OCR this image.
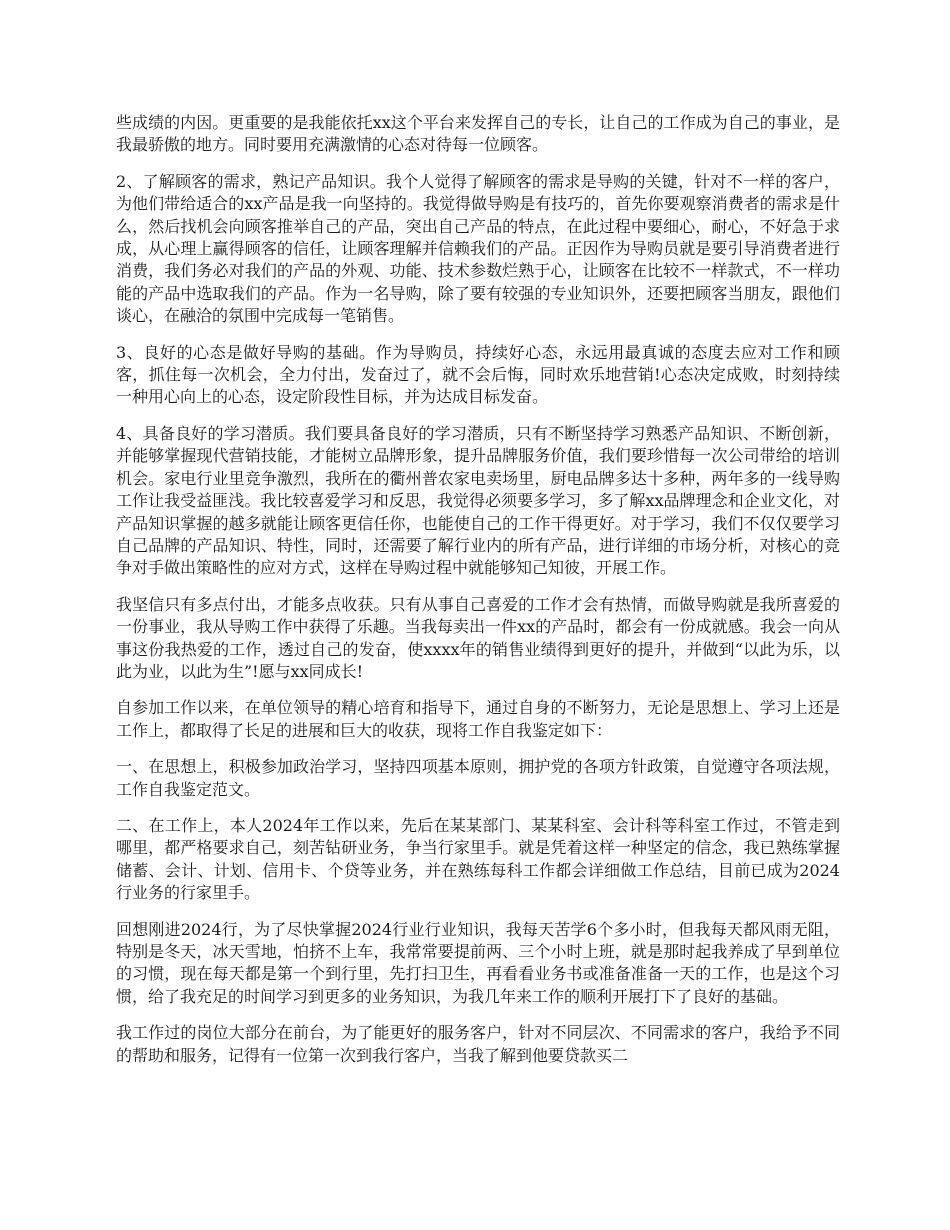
些成绩的内因。更重要的是我能依托xx这个平台来发挥自己的专长，让自己的工作成为自己的事业，是我最骄傲的地方。同时要用充满激情的心态对待每一位顾客。

2、了解顾客的需求，熟记产品知识。我个人觉得了解顾客的需求是导购的关键，针对不一样的客户，为他们带给适合的xx产品是我一向坚持的。我觉得做导购是有技巧的，首先你要观察消费者的需求是什么，然后找机会向顾客推举自己的产品，突出自己产品的特点，在此过程中要细心，耐心，不好急于求成，从心理上赢得顾客的信任，让顾客理解并信赖我们的产品。正因作为导购员就是要引导消费者进行消费，我们务必对我们的产品的外观、功能、技术参数烂熟于心，让顾客在比较不一样款式，不一样功能的产品中选取我们的产品。作为一名导购，除了要有较强的专业知识外，还要把顾客当朋友，跟他们谈心，在融洽的氛围中完成每一笔销售。

3、良好的心态是做好导购的基础。作为导购员，持续好心态，永远用最真诚的态度去应对工作和顾客，抓住每一次机会，全力付出，发奋过了，就不会后悔，同时欢乐地营销!心态决定成败，时刻持续一种用心向上的心态，设定阶段性目标，并为达成目标发奋。

4、具备良好的学习潜质。我们要具备良好的学习潜质，只有不断坚持学习熟悉产品知识、不断创新，并能够掌握现代营销技能，才能树立品牌形象，提升品牌服务价值，我们要珍惜每一次公司带给的培训机会。家电行业里竞争激烈，我所在的衢州普农家电卖场里，厨电品牌多达十多种，两年多的一线导购工作让我受益匪浅。我比较喜爱学习和反思，我觉得必须要多学习，多了解xx品牌理念和企业文化，对产品知识掌握的越多就能让顾客更信任你，也能使自己的工作干得更好。对于学习，我们不仅仅要学习自己品牌的产品知识、特性，同时，还需要了解行业内的所有产品，进行详细的市场分析，对核心的竞争对手做出策略性的应对方式，这样在导购过程中就能够知己知彼，开展工作。

我坚信只有多点付出，才能多点收获。只有从事自己喜爱的工作才会有热情，而做导购就是我所喜爱的一份事业，我从导购工作中获得了乐趣。当我每卖出一件xx的产品时，都会有一份成就感。我会一向从事这份我热爱的工作，透过自己的发奋，使xxxx年的销售业绩得到更好的提升，并做到“以此为乐，以此为业，以此为生”!愿与xx同成长!

自参加工作以来，在单位领导的精心培育和指导下，通过自身的不断努力，无论是思想上、学习上还是工作上，都取得了长足的进展和巨大的收获，现将工作自我鉴定如下：

一、在思想上，积极参加政治学习，坚持四项基本原则，拥护党的各项方针政策，自觉遵守各项法规，工作自我鉴定范文。

二、在工作上，本人2024年工作以来，先后在某某部门、某某科室、会计科等科室工作过，不管走到哪里，都严格要求自己，刻苦钻研业务，争当行家里手。就是凭着这样一种坚定的信念，我已熟练掌握储蓄、会计、计划、信用卡、个贷等业务，并在熟练每科工作都会详细做工作总结，目前已成为2024行业务的行家里手。

回想刚进2024行，为了尽快掌握2024行业行业知识，我每天苦学6个多小时，但我每天都风雨无阻，特别是冬天，冰天雪地，怕挤不上车，我常常要提前两、三个小时上班，就是那时起我养成了早到单位的习惯，现在每天都是第一个到行里，先打扫卫生，再看看业务书或准备准备一天的工作，也是这个习惯，给了我充足的时间学习到更多的业务知识，为我几年来工作的顺利开展打下了良好的基础。

我工作过的岗位大部分在前台，为了能更好的服务客户，针对不同层次、不同需求的客户，我给予不同的帮助和服务，记得有一位第一次到我行客户，当我了解到他要贷款买二
